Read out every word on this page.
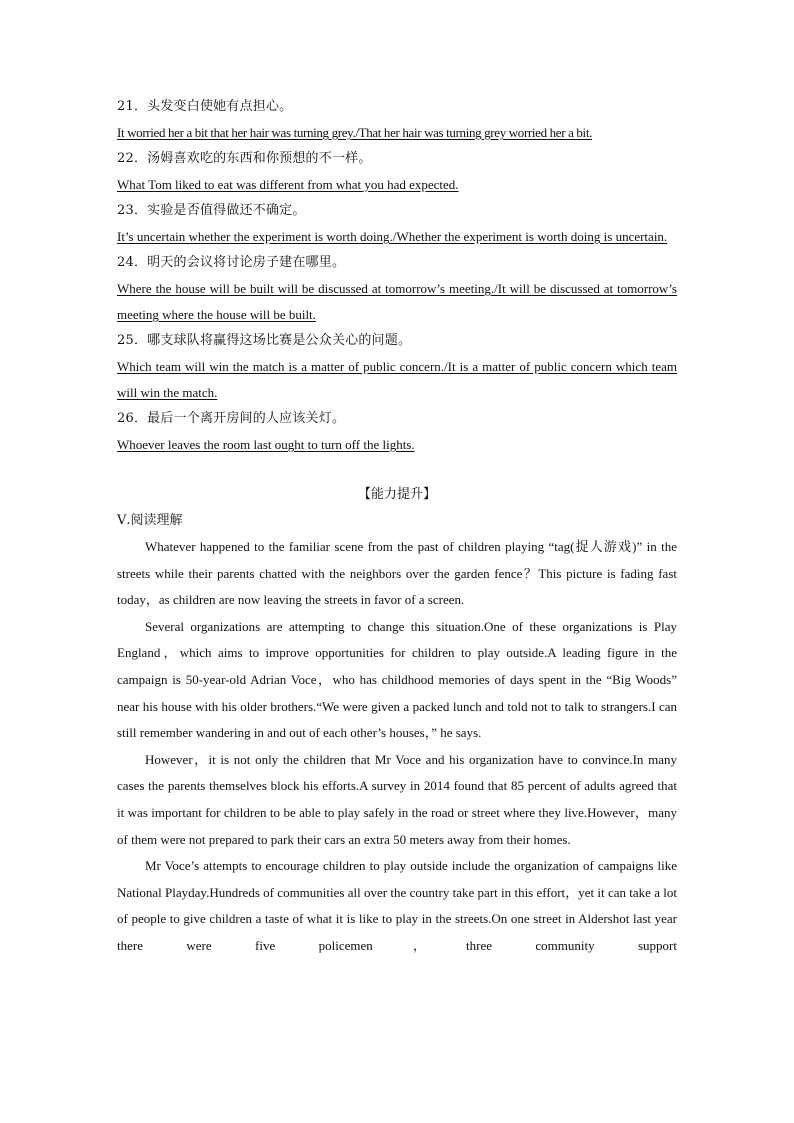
21．头发变白使她有点担心。

It worried her a bit that her hair was turning grey./That her hair was turning grey worried her a bit.

22．汤姆喜欢吃的东西和你预想的不一样。

What Tom liked to eat was different from what you had expected.

23．实验是否值得做还不确定。

It’s uncertain whether the experiment is worth doing./Whether the experiment is worth doing is uncertain.

24．明天的会议将讨论房子建在哪里。

Where the house will be built will be discussed at tomorrow’s meeting./It will be discussed at tomorrow’s meeting where the house will be built.

25．哪支球队将赢得这场比赛是公众关心的问题。

Which team will win the match is a matter of public concern./It is a matter of public concern which team will win the match.

26．最后一个离开房间的人应该关灯。

Whoever leaves the room last ought to turn off the lights.

【能力提升】
Ⅴ.阅读理解

Whatever happened to the familiar scene from the past of children playing “tag(捉人游戏)” in the streets while their parents chatted with the neighbors over the garden fence？This picture is fading fast today，as children are now leaving the streets in favor of a screen.

Several organizations are attempting to change this situation.One of these organizations is Play England，which aims to improve opportunities for children to play outside.A leading figure in the campaign is 50-year-old Adrian Voce，who has childhood memories of days spent in the “Big Woods” near his house with his older brothers.“We were given a packed lunch and told not to talk to strangers.I can still remember wandering in and out of each other’s houses，” he says.

However，it is not only the children that Mr Voce and his organization have to convince.In many cases the parents themselves block his efforts.A survey in 2014 found that 85 percent of adults agreed that it was important for children to be able to play safely in the road or street where they live.However，many of them were not prepared to park their cars an extra 50 meters away from their homes.

Mr Voce’s attempts to encourage children to play outside include the organization of campaigns like National Playday.Hundreds of communities all over the country take part in this effort，yet it can take a lot of people to give children a taste of what it is like to play in the streets.On one street in Aldershot last year there were five policemen，three community support
